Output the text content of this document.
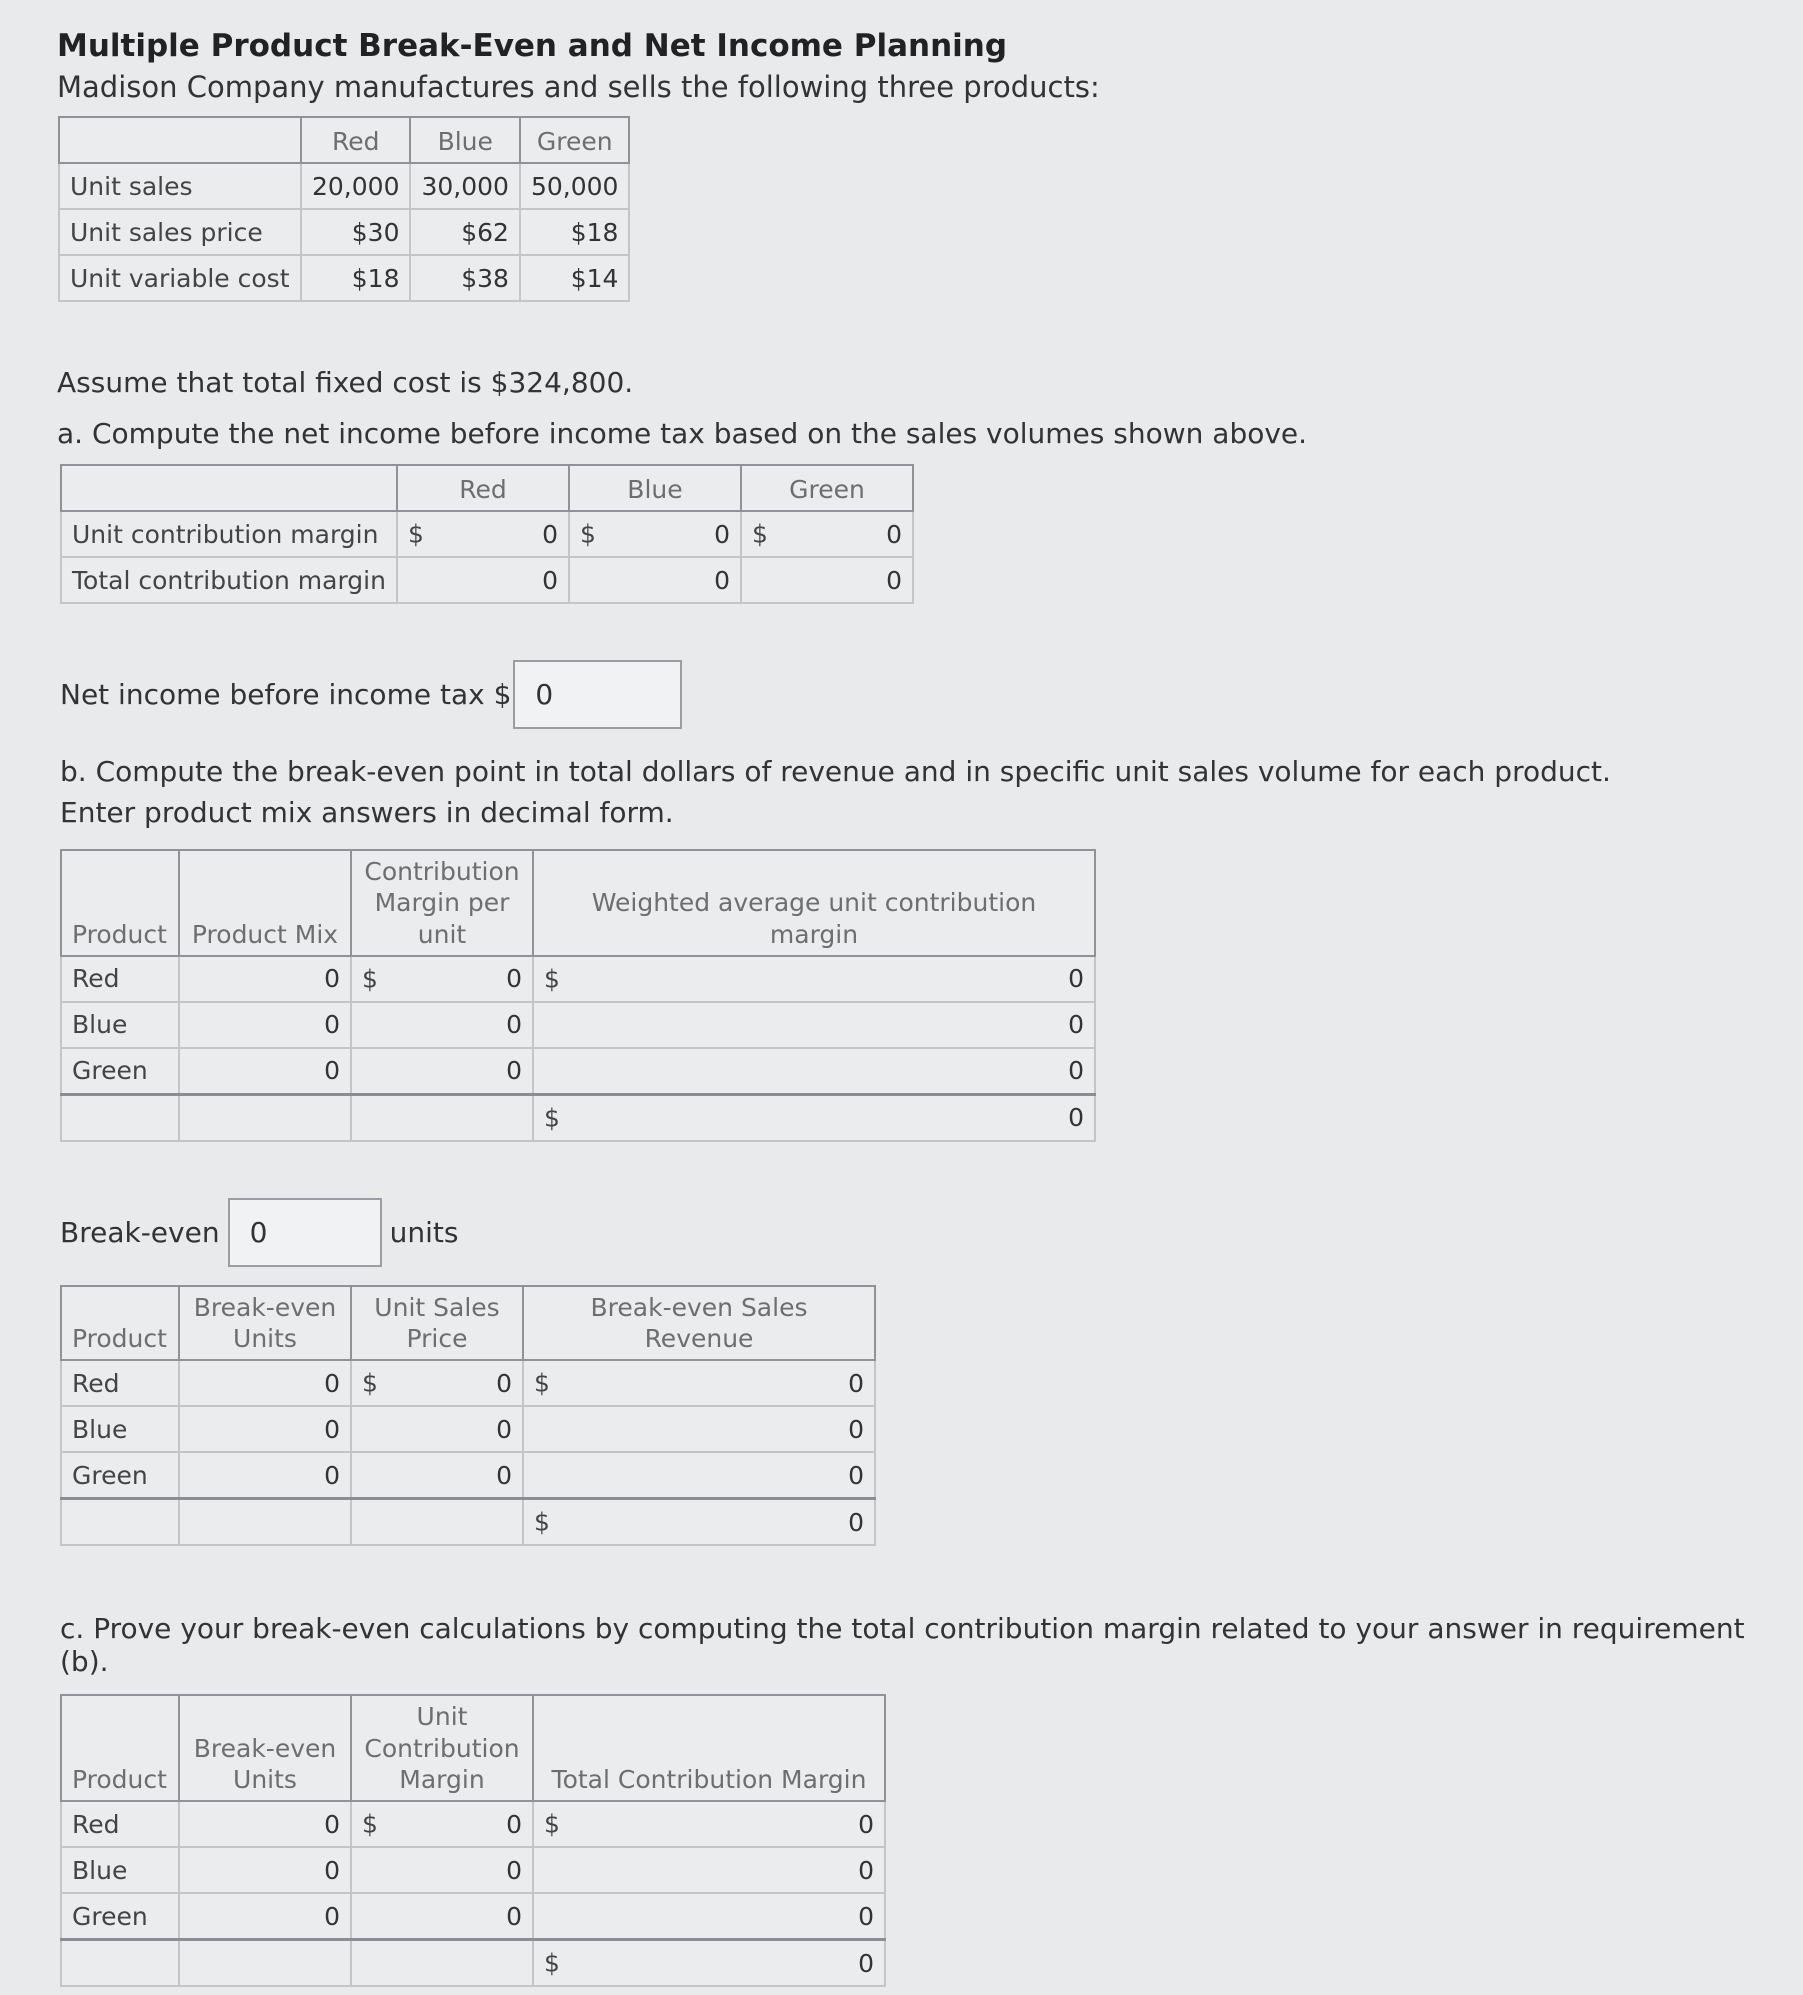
Multiple Product Break-Even and Net Income Planning
Madison Company manufactures and sells the following three products:
	Red	Blue	Green
Unit sales	20,000	30,000	50,000
Unit sales price	$30	$62	$18
Unit variable cost	$18	$38	$14
Assume that total fixed cost is $324,800.
a. Compute the net income before income tax based on the sales volumes shown above.
	Red	Blue	Green
Unit contribution margin	$ 0	$ 0	$ 0
Total contribution margin	0	0	0
Net income before income tax $ 0
b. Compute the break-even point in total dollars of revenue and in specific unit sales volume for each product.
Enter product mix answers in decimal form.
Product	Product Mix	Contribution Margin per unit	Weighted average unit contribution margin
Red	0	$ 0	$ 0
Blue	0	0	0
Green	0	0	0

			$ 0
Break-even	0	units
Product	Break-even Units	Unit Sales Price	Break-even Sales Revenue
Red	0	$ 0	$ 0
Blue	0	0	0
Green	0	0	0

			$ 0
c. Prove your break-even calculations by computing the total contribution margin related to your answer in requirement (b).
Product	Break-even Units	Unit Contribution Margin	Total Contribution Margin
Red	0	$ 0	$ 0
Blue	0	0	0
Green	0	0	0

			$ 0
